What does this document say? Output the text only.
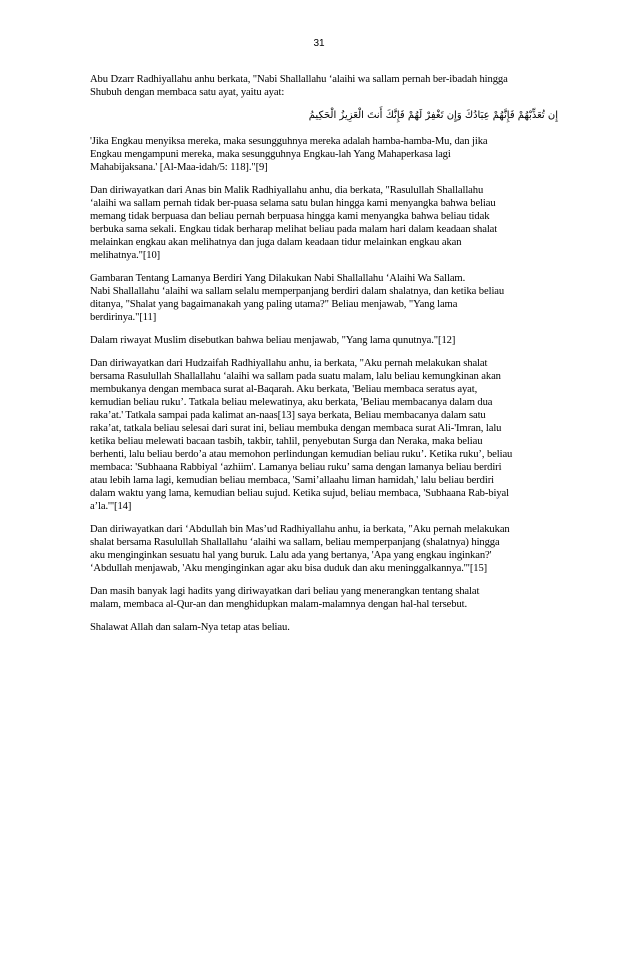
31

Abu Dzarr Radhiyallahu anhu berkata, "Nabi Shallallahu ‘alaihi wa sallam pernah ber-ibadah hingga
Shubuh dengan membaca satu ayat, yaitu ayat:

إِن تُعَذِّبْهُمْ فَإِنَّهُمْ عِبَادُكَ وَإِن تَغْفِرْ لَهُمْ فَإِنَّكَ أَنتَ الْعَزِيزُ الْحَكِيمُ

'Jika Engkau menyiksa mereka, maka sesungguhnya mereka adalah hamba-hamba-Mu, dan jika
Engkau mengampuni mereka, maka sesungguhnya Engkau-lah Yang Mahaperkasa lagi
Mahabijaksana.' [Al-Maa-idah/5: 118]."[9]

Dan diriwayatkan dari Anas bin Malik Radhiyallahu anhu, dia berkata, "Rasulullah Shallallahu
‘alaihi wa sallam pernah tidak ber-puasa selama satu bulan hingga kami menyangka bahwa beliau
memang tidak berpuasa dan beliau pernah berpuasa hingga kami menyangka bahwa beliau tidak
berbuka sama sekali. Engkau tidak berharap melihat beliau pada malam hari dalam keadaan shalat
melainkan engkau akan melihatnya dan juga dalam keadaan tidur melainkan engkau akan
melihatnya."[10]

Gambaran Tentang Lamanya Berdiri Yang Dilakukan Nabi Shallallahu ‘Alaihi Wa Sallam.
Nabi Shallallahu ‘alaihi wa sallam selalu memperpanjang berdiri dalam shalatnya, dan ketika beliau
ditanya, "Shalat yang bagaimanakah yang paling utama?" Beliau menjawab, "Yang lama
berdirinya."[11]

Dalam riwayat Muslim disebutkan bahwa beliau menjawab, "Yang lama qunutnya."[12]

Dan diriwayatkan dari Hudzaifah Radhiyallahu anhu, ia berkata, "Aku pernah melakukan shalat
bersama Rasulullah Shallallahu ‘alaihi wa sallam pada suatu malam, lalu beliau kemungkinan akan
membukanya dengan membaca surat al-Baqarah. Aku berkata, 'Beliau membaca seratus ayat,
kemudian beliau ruku’. Tatkala beliau melewatinya, aku berkata, 'Beliau membacanya dalam dua
raka’at.' Tatkala sampai pada kalimat an-naas[13] saya berkata, Beliau membacanya dalam satu
raka’at, tatkala beliau selesai dari surat ini, beliau membuka dengan membaca surat Ali-'Imran, lalu
ketika beliau melewati bacaan tasbih, takbir, tahlil, penyebutan Surga dan Neraka, maka beliau
berhenti, lalu beliau berdo’a atau memohon perlindungan kemudian beliau ruku’. Ketika ruku’, beliau
membaca: 'Subhaana Rabbiyal ‘azhiim'. Lamanya beliau ruku’ sama dengan lamanya beliau berdiri
atau lebih lama lagi, kemudian beliau membaca, 'Sami’allaahu liman hamidah,' lalu beliau berdiri
dalam waktu yang lama, kemudian beliau sujud. Ketika sujud, beliau membaca, 'Subhaana Rab-biyal
a’la.'"[14]

Dan diriwayatkan dari ‘Abdullah bin Mas’ud Radhiyallahu anhu, ia berkata, "Aku pernah melakukan
shalat bersama Rasulullah Shallallahu ‘alaihi wa sallam, beliau memperpanjang (shalatnya) hingga
aku menginginkan sesuatu hal yang buruk. Lalu ada yang bertanya, 'Apa yang engkau inginkan?'
‘Abdullah menjawab, 'Aku menginginkan agar aku bisa duduk dan aku meninggalkannya.'"[15]

Dan masih banyak lagi hadits yang diriwayatkan dari beliau yang menerangkan tentang shalat
malam, membaca al-Qur-an dan menghidupkan malam-malamnya dengan hal-hal tersebut.

Shalawat Allah dan salam-Nya tetap atas beliau.
